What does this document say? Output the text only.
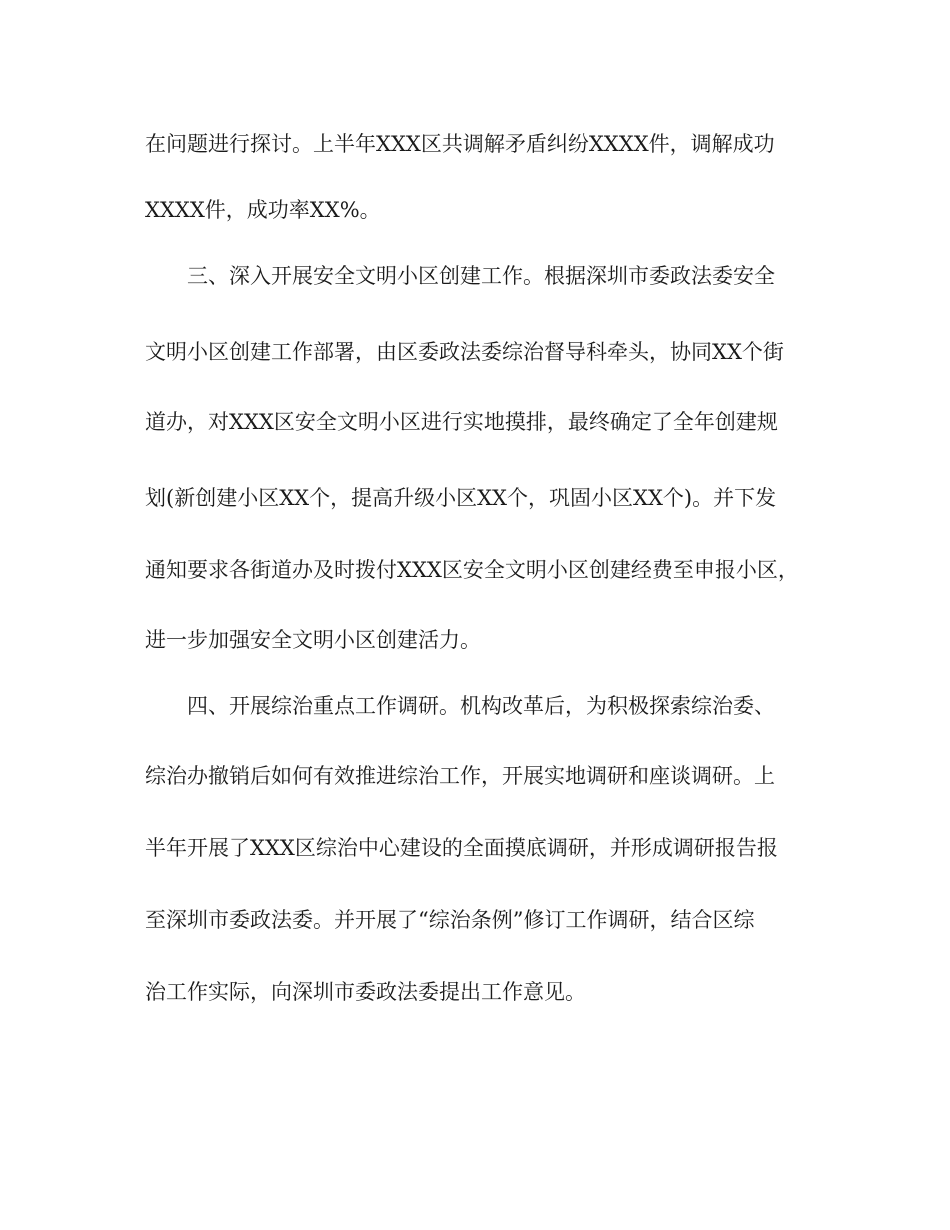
在问题进行探讨。上半年XXX区共调解矛盾纠纷XXXX件，调解成功
XXXX件，成功率XX%。
三、深入开展安全文明小区创建工作。根据深圳市委政法委安全
文明小区创建工作部署，由区委政法委综治督导科牵头，协同XX个街
道办，对XXX区安全文明小区进行实地摸排，最终确定了全年创建规
划(新创建小区XX个，提高升级小区XX个，巩固小区XX个)。并下发
通知要求各街道办及时拨付XXX区安全文明小区创建经费至申报小区，
进一步加强安全文明小区创建活力。
四、开展综治重点工作调研。机构改革后，为积极探索综治委、
综治办撤销后如何有效推进综治工作，开展实地调研和座谈调研。上
半年开展了XXX区综治中心建设的全面摸底调研，并形成调研报告报
至深圳市委政法委。并开展了“综治条例”修订工作调研，结合区综
治工作实际，向深圳市委政法委提出工作意见。
